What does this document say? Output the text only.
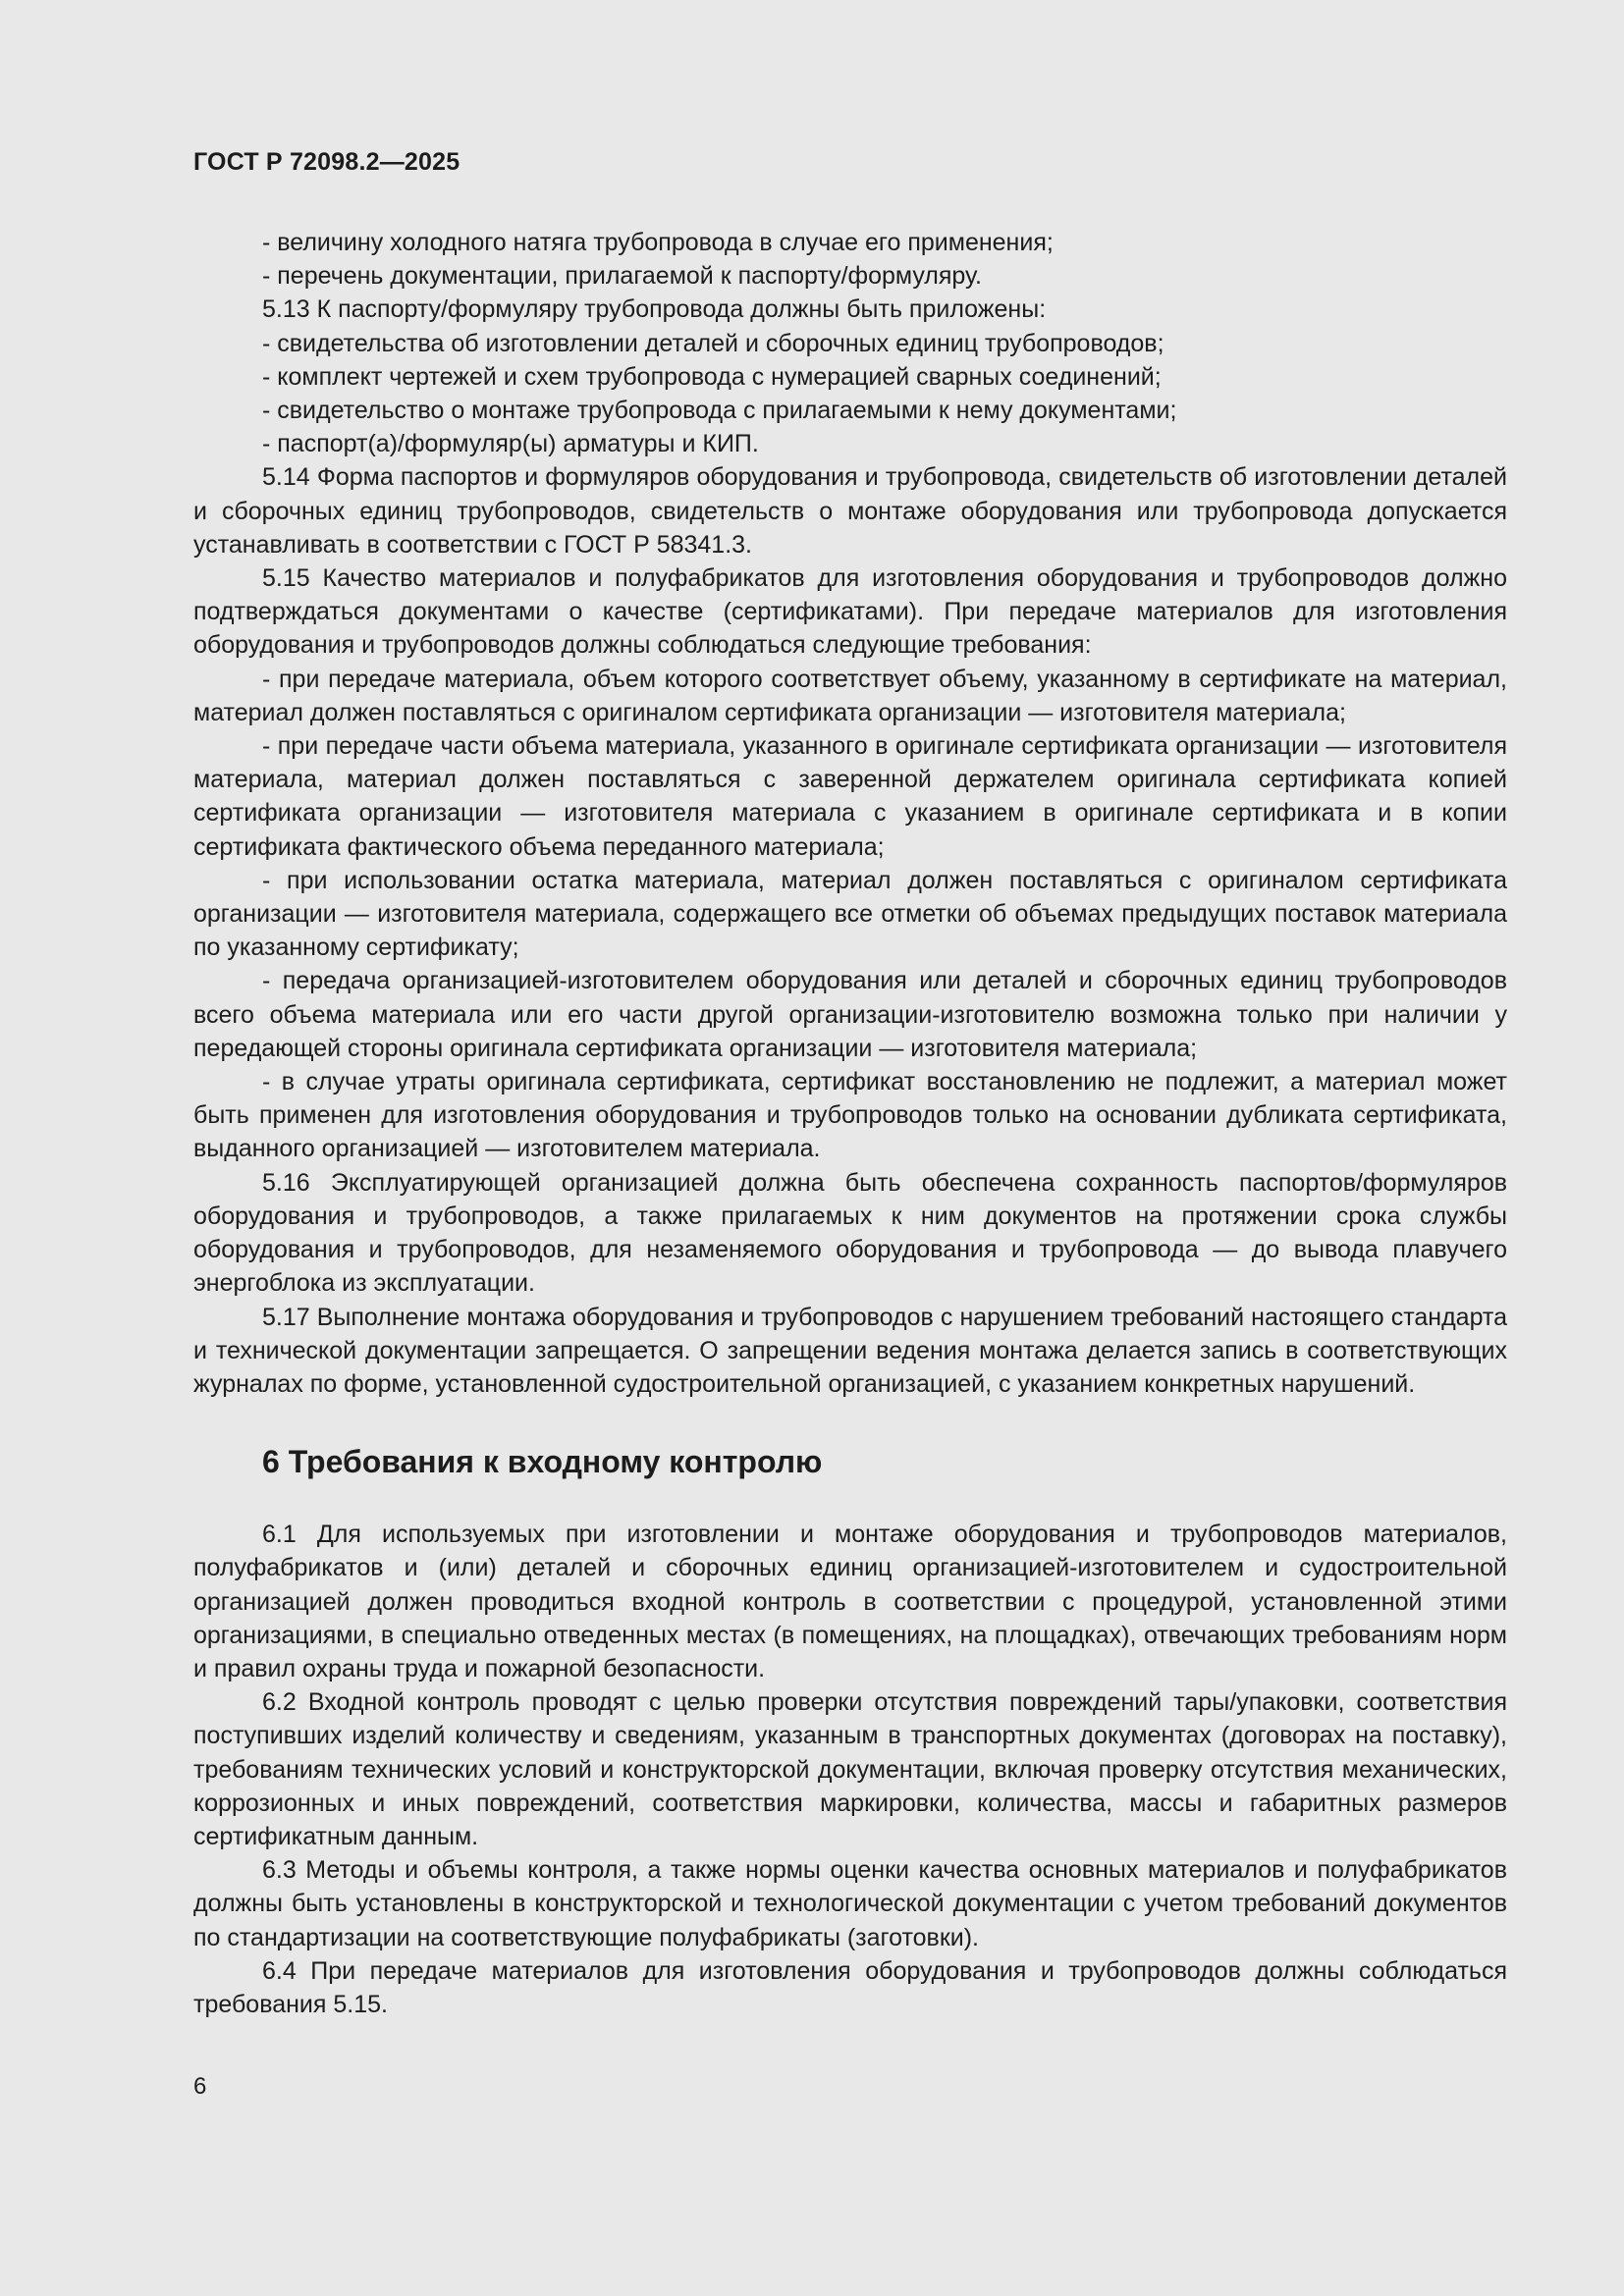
ГОСТ Р 72098.2—2025

- величину холодного натяга трубопровода в случае его применения;

- перечень документации, прилагаемой к паспорту/формуляру.

5.13 К паспорту/формуляру трубопровода должны быть приложены:

- свидетельства об изготовлении деталей и сборочных единиц трубопроводов;

- комплект чертежей и схем трубопровода с нумерацией сварных соединений;

- свидетельство о монтаже трубопровода с прилагаемыми к нему документами;

- паспорт(а)/формуляр(ы) арматуры и КИП.

5.14 Форма паспортов и формуляров оборудования и трубопровода, свидетельств об изготовлении деталей и сборочных единиц трубопроводов, свидетельств о монтаже оборудования или трубопровода допускается устанавливать в соответствии с ГОСТ Р 58341.3.

5.15 Качество материалов и полуфабрикатов для изготовления оборудования и трубопроводов должно подтверждаться документами о качестве (сертификатами). При передаче материалов для изготовления оборудования и трубопроводов должны соблюдаться следующие требования:

- при передаче материала, объем которого соответствует объему, указанному в сертификате на материал, материал должен поставляться с оригиналом сертификата организации — изготовителя материала;

- при передаче части объема материала, указанного в оригинале сертификата организации — изготовителя материала, материал должен поставляться с заверенной держателем оригинала сертификата копией сертификата организации — изготовителя материала с указанием в оригинале сертификата и в копии сертификата фактического объема переданного материала;

- при использовании остатка материала, материал должен поставляться с оригиналом сертификата организации — изготовителя материала, содержащего все отметки об объемах предыдущих поставок материала по указанному сертификату;

- передача организацией-изготовителем оборудования или деталей и сборочных единиц трубопроводов всего объема материала или его части другой организации-изготовителю возможна только при наличии у передающей стороны оригинала сертификата организации — изготовителя материала;

- в случае утраты оригинала сертификата, сертификат восстановлению не подлежит, а материал может быть применен для изготовления оборудования и трубопроводов только на основании дубликата сертификата, выданного организацией — изготовителем материала.

5.16 Эксплуатирующей организацией должна быть обеспечена сохранность паспортов/формуляров оборудования и трубопроводов, а также прилагаемых к ним документов на протяжении срока службы оборудования и трубопроводов, для незаменяемого оборудования и трубопровода — до вывода плавучего энергоблока из эксплуатации.

5.17 Выполнение монтажа оборудования и трубопроводов с нарушением требований настоящего стандарта и технической документации запрещается. О запрещении ведения монтажа делается запись в соответствующих журналах по форме, установленной судостроительной организацией, с указанием конкретных нарушений.

6 Требования к входному контролю

6.1 Для используемых при изготовлении и монтаже оборудования и трубопроводов материалов, полуфабрикатов и (или) деталей и сборочных единиц организацией-изготовителем и судостроительной организацией должен проводиться входной контроль в соответствии с процедурой, установленной этими организациями, в специально отведенных местах (в помещениях, на площадках), отвечающих требованиям норм и правил охраны труда и пожарной безопасности.

6.2 Входной контроль проводят с целью проверки отсутствия повреждений тары/упаковки, соответствия поступивших изделий количеству и сведениям, указанным в транспортных документах (договорах на поставку), требованиям технических условий и конструкторской документации, включая проверку отсутствия механических, коррозионных и иных повреждений, соответствия маркировки, количества, массы и габаритных размеров сертификатным данным.

6.3 Методы и объемы контроля, а также нормы оценки качества основных материалов и полуфабрикатов должны быть установлены в конструкторской и технологической документации с учетом требований документов по стандартизации на соответствующие полуфабрикаты (заготовки).

6.4 При передаче материалов для изготовления оборудования и трубопроводов должны соблюдаться требования 5.15.

6
